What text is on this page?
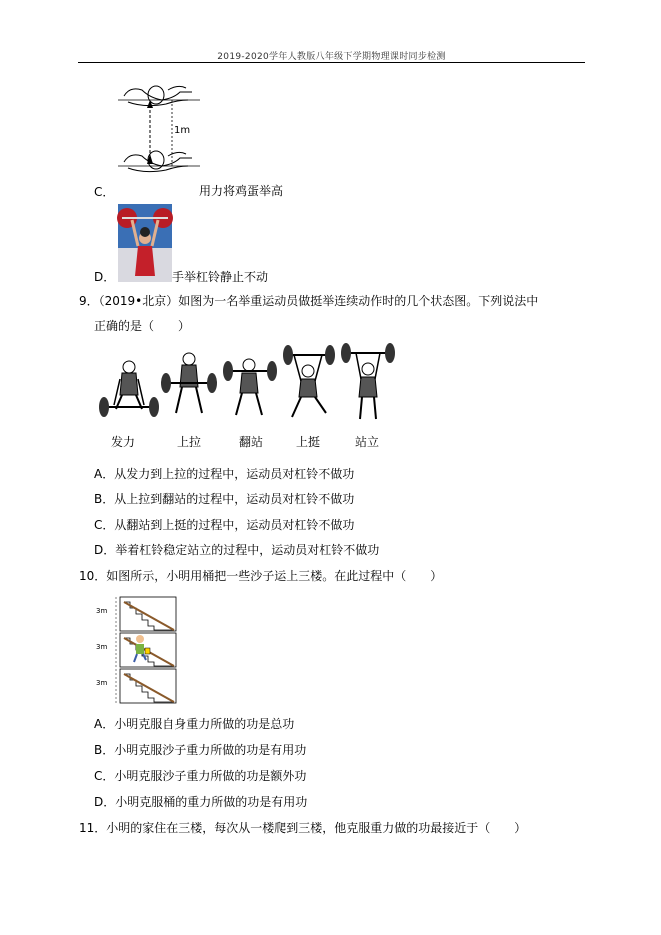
2019-2020学年人教版八年级下学期物理课时同步检测
1m
C．	用力将鸡蛋举高
D．	手举杠铃静止不动
9．（2019•北京）如图为一名举重运动员做挺举连续动作时的几个状态图。下列说法中
正确的是（　　）
发力	上拉	翻站	上挺	站立
A．从发力到上拉的过程中，运动员对杠铃不做功
B．从上拉到翻站的过程中，运动员对杠铃不做功
C．从翻站到上挺的过程中，运动员对杠铃不做功
D．举着杠铃稳定站立的过程中，运动员对杠铃不做功
10．如图所示，小明用桶把一些沙子运上三楼。在此过程中（　　）
3m
3m
3m
A．小明克服自身重力所做的功是总功
B．小明克服沙子重力所做的功是有用功
C．小明克服沙子重力所做的功是额外功
D．小明克服桶的重力所做的功是有用功
11．小明的家住在三楼，每次从一楼爬到三楼，他克服重力做的功最接近于（　　）
